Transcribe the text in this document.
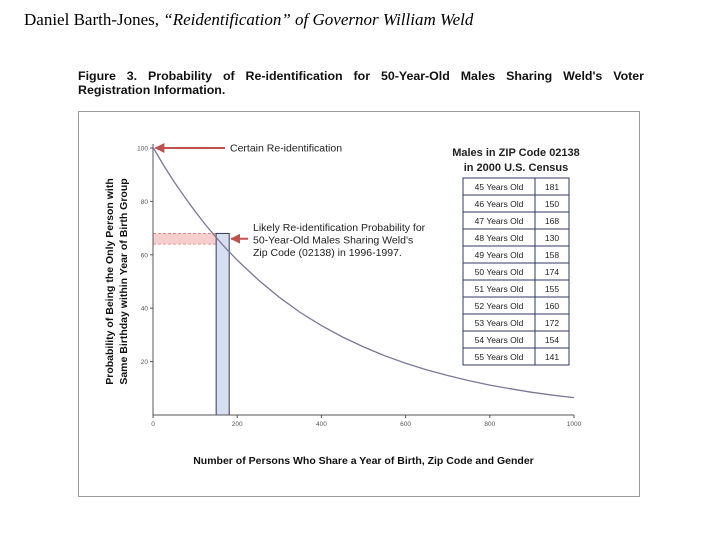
Daniel Barth-Jones, “Reidentification” of Governor William Weld
Figure 3. Probability of Re-identification for 50-Year-Old Males Sharing Weld's Voter Registration Information.
20
40
60
80
100
0	200	400	600	800	1000
Certain Re-identification
Likely Re-identification Probability for
50-Year-Old Males Sharing Weld’s
Zip Code (02138) in 1996-1997.
Males in ZIP Code 02138
in 2000 U.S. Census
45 Years Old	181
46 Years Old	150
47 Years Old	168
48 Years Old	130
49 Years Old	158
50 Years Old	174
51 Years Old	155
52 Years Old	160
53 Years Old	172
54 Years Old	154
55 Years Old	141
Number of Persons Who Share a Year of Birth, Zip Code and Gender
Probability of Being the Only Person with Same Birthday within Year of Birth Group
